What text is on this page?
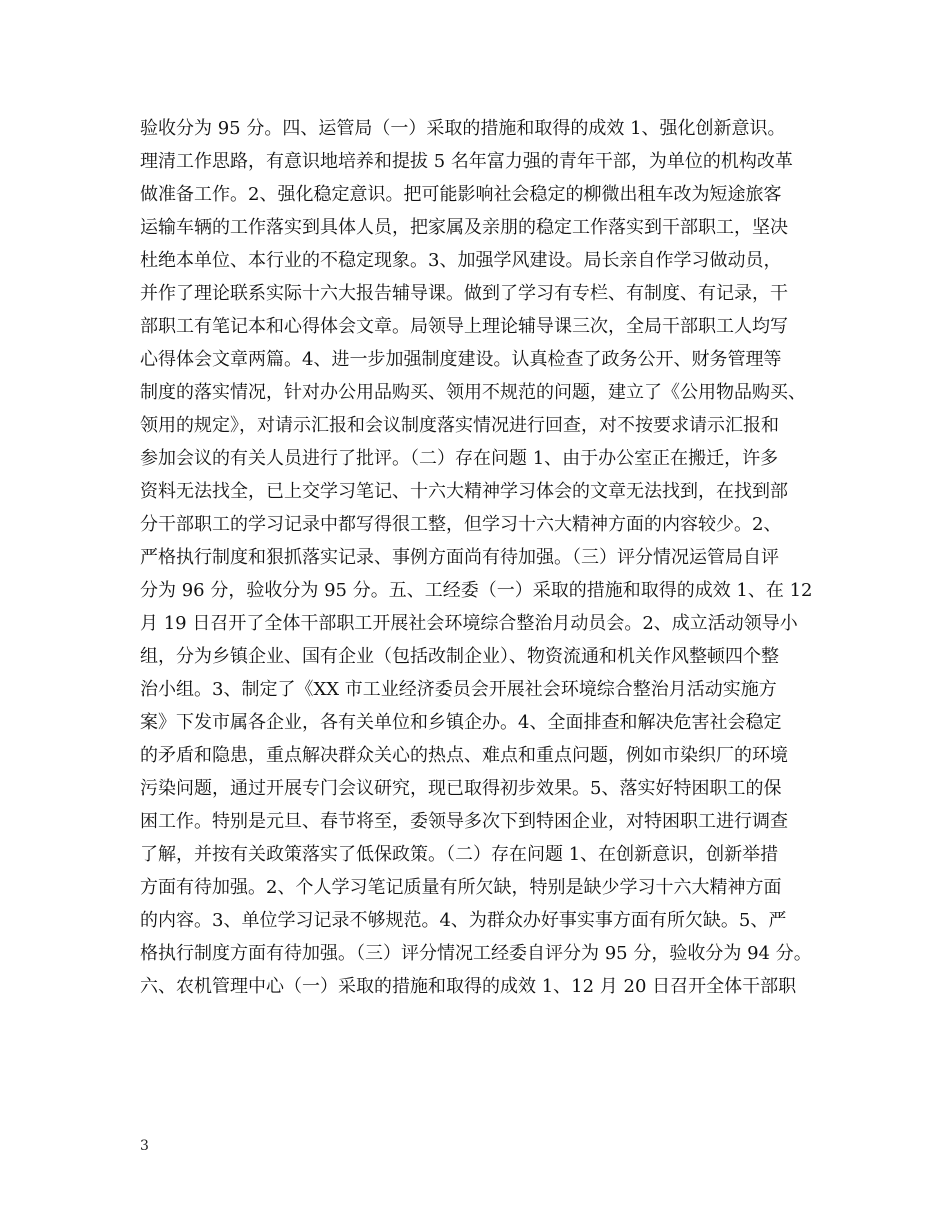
验收分为 95 分。四、运管局（一）采取的措施和取得的成效 1、强化创新意识。
理清工作思路，有意识地培养和提拔 5 名年富力强的青年干部，为单位的机构改革
做准备工作。2、强化稳定意识。把可能影响社会稳定的柳微出租车改为短途旅客
运输车辆的工作落实到具体人员，把家属及亲朋的稳定工作落实到干部职工，坚决
杜绝本单位、本行业的不稳定现象。3、加强学风建设。局长亲自作学习做动员，
并作了理论联系实际十六大报告辅导课。做到了学习有专栏、有制度、有记录，干
部职工有笔记本和心得体会文章。局领导上理论辅导课三次，全局干部职工人均写
心得体会文章两篇。4、进一步加强制度建设。认真检查了政务公开、财务管理等
制度的落实情况，针对办公用品购买、领用不规范的问题，建立了《公用物品购买、
领用的规定》，对请示汇报和会议制度落实情况进行回查，对不按要求请示汇报和
参加会议的有关人员进行了批评。（二）存在问题 1、由于办公室正在搬迁，许多
资料无法找全，已上交学习笔记、十六大精神学习体会的文章无法找到，在找到部
分干部职工的学习记录中都写得很工整，但学习十六大精神方面的内容较少。2、
严格执行制度和狠抓落实记录、事例方面尚有待加强。（三）评分情况运管局自评
分为 96 分，验收分为 95 分。五、工经委（一）采取的措施和取得的成效 1、在 12
月 19 日召开了全体干部职工开展社会环境综合整治月动员会。2、成立活动领导小
组，分为乡镇企业、国有企业（包括改制企业）、物资流通和机关作风整顿四个整
治小组。3、制定了《XX 市工业经济委员会开展社会环境综合整治月活动实施方
案》下发市属各企业，各有关单位和乡镇企办。4、全面排查和解决危害社会稳定
的矛盾和隐患，重点解决群众关心的热点、难点和重点问题，例如市染织厂的环境
污染问题，通过开展专门会议研究，现已取得初步效果。5、落实好特困职工的保
困工作。特别是元旦、春节将至，委领导多次下到特困企业，对特困职工进行调查
了解，并按有关政策落实了低保政策。（二）存在问题 1、在创新意识，创新举措
方面有待加强。2、个人学习笔记质量有所欠缺，特别是缺少学习十六大精神方面
的内容。3、单位学习记录不够规范。4、为群众办好事实事方面有所欠缺。5、严
格执行制度方面有待加强。（三）评分情况工经委自评分为 95 分，验收分为 94 分。
六、农机管理中心（一）采取的措施和取得的成效 1、12 月 20 日召开全体干部职
3
